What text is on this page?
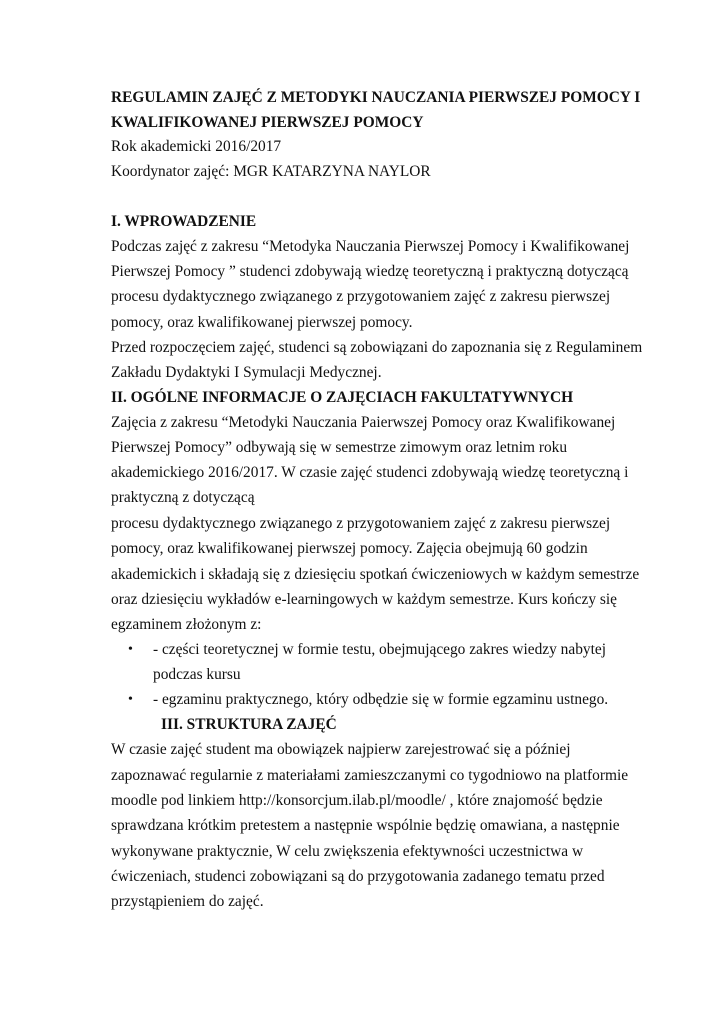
REGULAMIN ZAJĘĆ Z METODYKI NAUCZANIA PIERWSZEJ POMOCY I
KWALIFIKOWANEJ PIERWSZEJ POMOCY
Rok akademicki 2016/2017
Koordynator zajęć: MGR KATARZYNA NAYLOR
I. WPROWADZENIE
Podczas zajęć z zakresu “Metodyka Nauczania Pierwszej Pomocy i Kwalifikowanej
Pierwszej Pomocy ” studenci zdobywają wiedzę teoretyczną i praktyczną dotyczącą
procesu dydaktycznego związanego z przygotowaniem zajęć z zakresu pierwszej
pomocy, oraz kwalifikowanej pierwszej pomocy.
Przed rozpoczęciem zajęć, studenci są zobowiązani do zapoznania się z Regulaminem
Zakładu Dydaktyki I Symulacji Medycznej.
II. OGÓLNE INFORMACJE O ZAJĘCIACH FAKULTATYWNYCH
Zajęcia z zakresu “Metodyki Nauczania Paierwszej Pomocy oraz Kwalifikowanej
Pierwszej Pomocy” odbywają się w semestrze zimowym oraz letnim roku
akademickiego 2016/2017. W czasie zajęć studenci zdobywają wiedzę teoretyczną i
praktyczną z dotyczącą
procesu dydaktycznego związanego z przygotowaniem zajęć z zakresu pierwszej
pomocy, oraz kwalifikowanej pierwszej pomocy. Zajęcia obejmują 60 godzin
akademickich i składają się z dziesięciu spotkań ćwiczeniowych w każdym semestrze
oraz dziesięciu wykładów e-learningowych w każdym semestrze. Kurs kończy się
egzaminem złożonym z:
• - części teoretycznej w formie testu, obejmującego zakres wiedzy nabytej
podczas kursu
• - egzaminu praktycznego, który odbędzie się w formie egzaminu ustnego.
III. STRUKTURA ZAJĘĆ
W czasie zajęć student ma obowiązek najpierw zarejestrować się a później
zapoznawać regularnie z materiałami zamieszczanymi co tygodniowo na platformie
moodle pod linkiem http://konsorcjum.ilab.pl/moodle/ , które znajomość będzie
sprawdzana krótkim pretestem a następnie wspólnie będzię omawiana, a następnie
wykonywane praktycznie, W celu zwiększenia efektywności uczestnictwa w
ćwiczeniach, studenci zobowiązani są do przygotowania zadanego tematu przed
przystąpieniem do zajęć.
